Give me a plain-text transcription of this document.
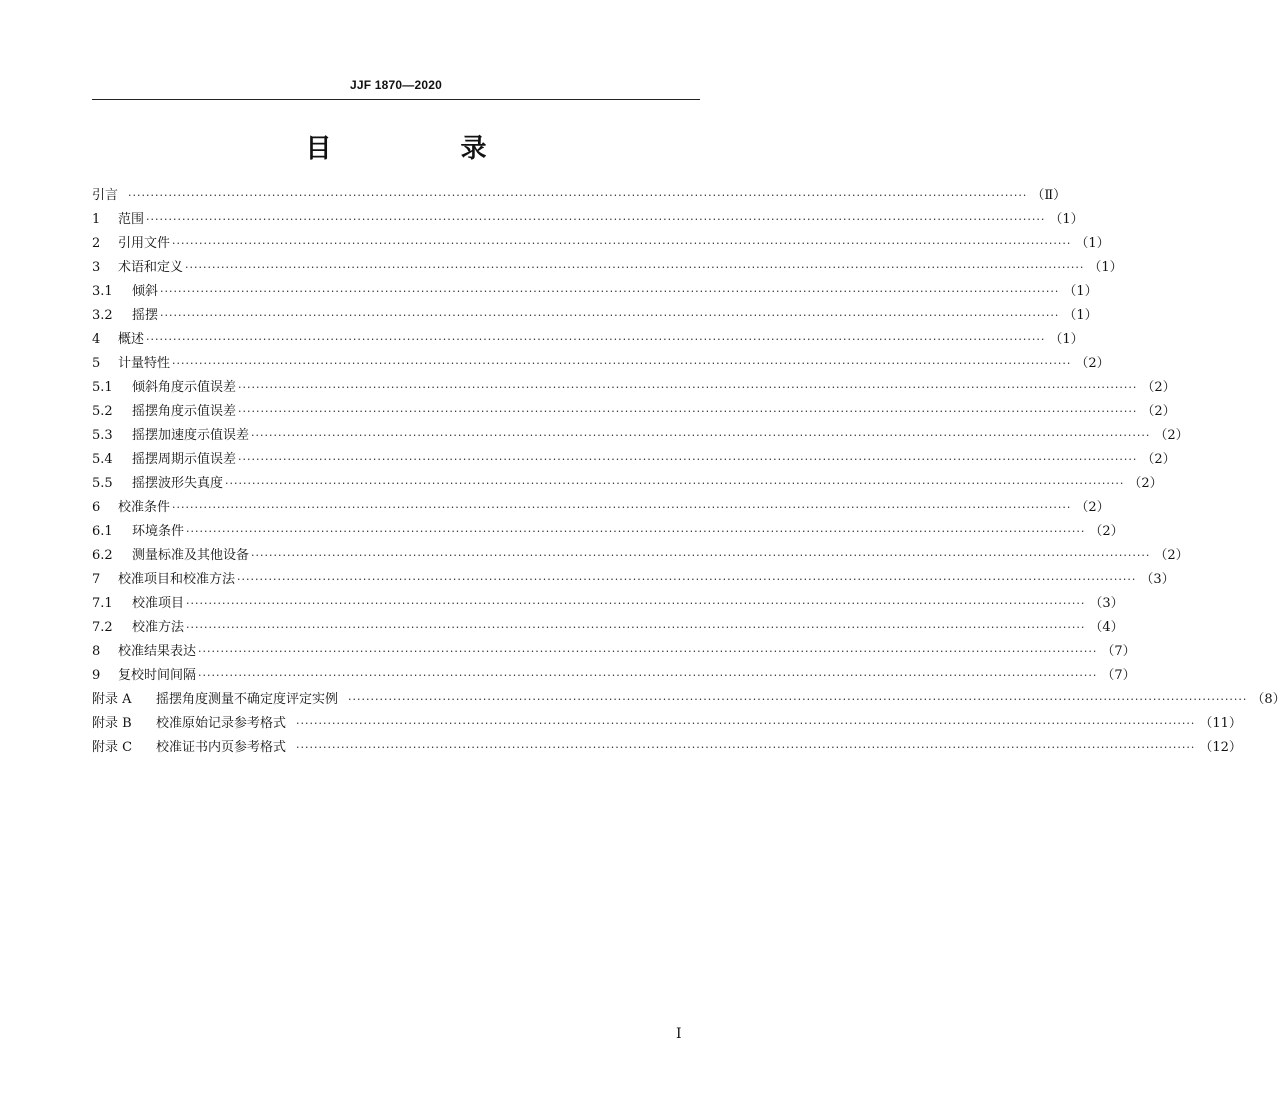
JJF 1870—2020
目 录
引言 ········································································································································································································ （Ⅱ）
1	范围 ········································································································································································································ （1）
2	引用文件 ········································································································································································································ （1）
3	术语和定义 ········································································································································································································ （1）
3.1	倾斜 ········································································································································································································ （1）
3.2	摇摆 ········································································································································································································ （1）
4	概述 ········································································································································································································ （1）
5	计量特性 ········································································································································································································ （2）
5.1	倾斜角度示值误差 ········································································································································································································ （2）
5.2	摇摆角度示值误差 ········································································································································································································ （2）
5.3	摇摆加速度示值误差 ········································································································································································································ （2）
5.4	摇摆周期示值误差 ········································································································································································································ （2）
5.5	摇摆波形失真度 ········································································································································································································ （2）
6	校准条件 ········································································································································································································ （2）
6.1	环境条件 ········································································································································································································ （2）
6.2	测量标准及其他设备 ········································································································································································································ （2）
7	校准项目和校准方法 ········································································································································································································ （3）
7.1	校准项目 ········································································································································································································ （3）
7.2	校准方法 ········································································································································································································ （4）
8	校准结果表达 ········································································································································································································ （7）
9	复校时间间隔 ········································································································································································································ （7）
附录 A	摇摆角度测量不确定度评定实例 ········································································································································································································ （8）
附录 B	校准原始记录参考格式 ········································································································································································································ （11）
附录 C	校准证书内页参考格式 ········································································································································································································ （12）
I
